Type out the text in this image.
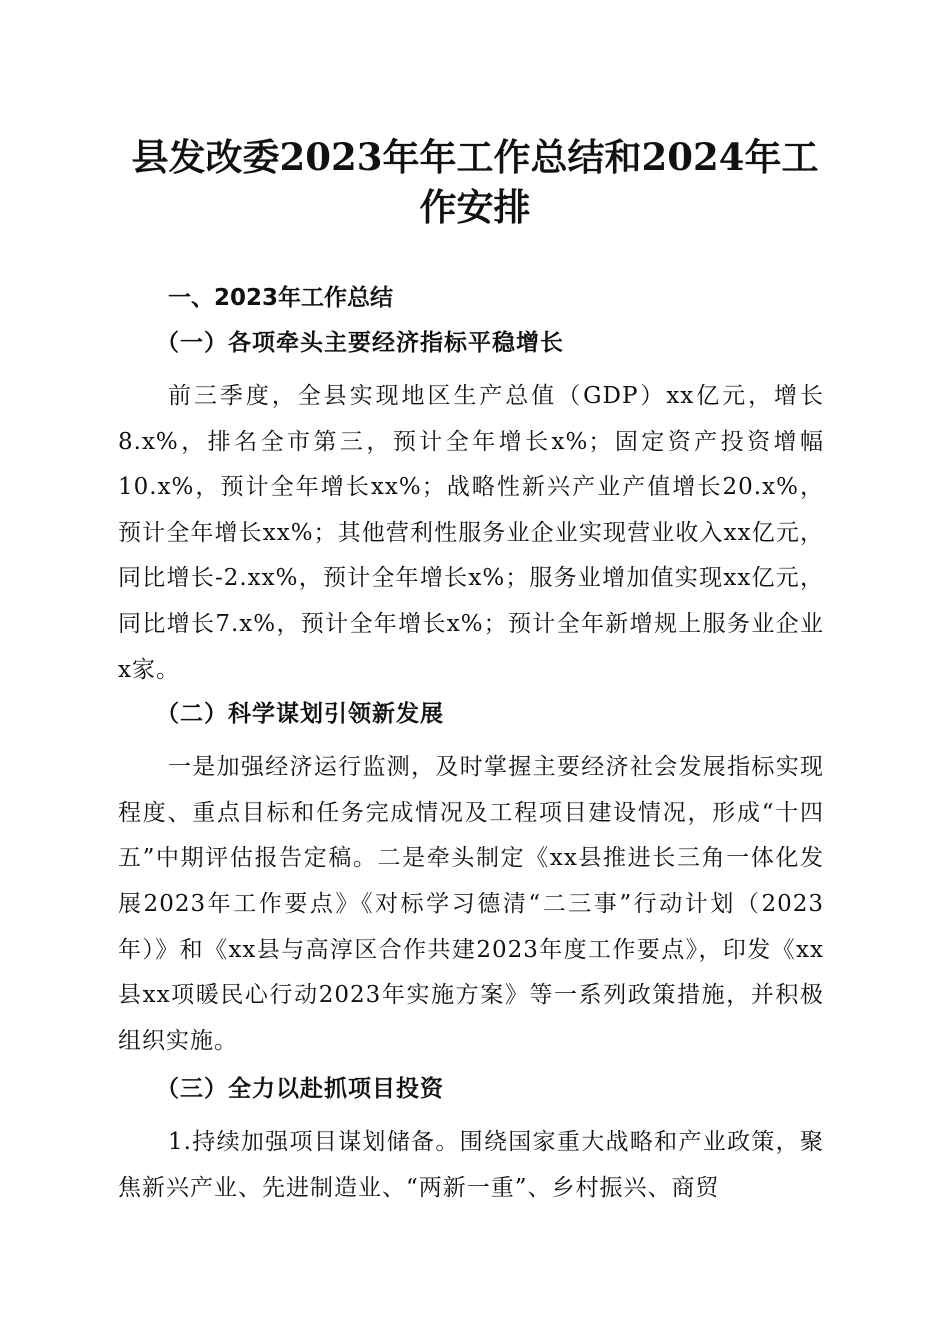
县发改委2023年年工作总结和2024年工作安排

一、2023年工作总结

（一）各项牵头主要经济指标平稳增长

前三季度，全县实现地区生产总值（GDP）xx亿元，增长8.x%，排名全市第三，预计全年增长x%；固定资产投资增幅10.x%，预计全年增长xx%；战略性新兴产业产值增长20.x%，预计全年增长xx%；其他营利性服务业企业实现营业收入xx亿元，同比增长-2.xx%，预计全年增长x%；服务业增加值实现xx亿元，同比增长7.x%，预计全年增长x%；预计全年新增规上服务业企业x家。

（二）科学谋划引领新发展

一是加强经济运行监测，及时掌握主要经济社会发展指标实现程度、重点目标和任务完成情况及工程项目建设情况，形成“十四五”中期评估报告定稿。二是牵头制定《xx县推进长三角一体化发展2023年工作要点》《对标学习德清“二三事”行动计划（2023年）》和《xx县与高淳区合作共建2023年度工作要点》，印发《xx县xx项暖民心行动2023年实施方案》等一系列政策措施，并积极组织实施。

（三）全力以赴抓项目投资

1.持续加强项目谋划储备。围绕国家重大战略和产业政策，聚焦新兴产业、先进制造业、“两新一重”、乡村振兴、商贸
